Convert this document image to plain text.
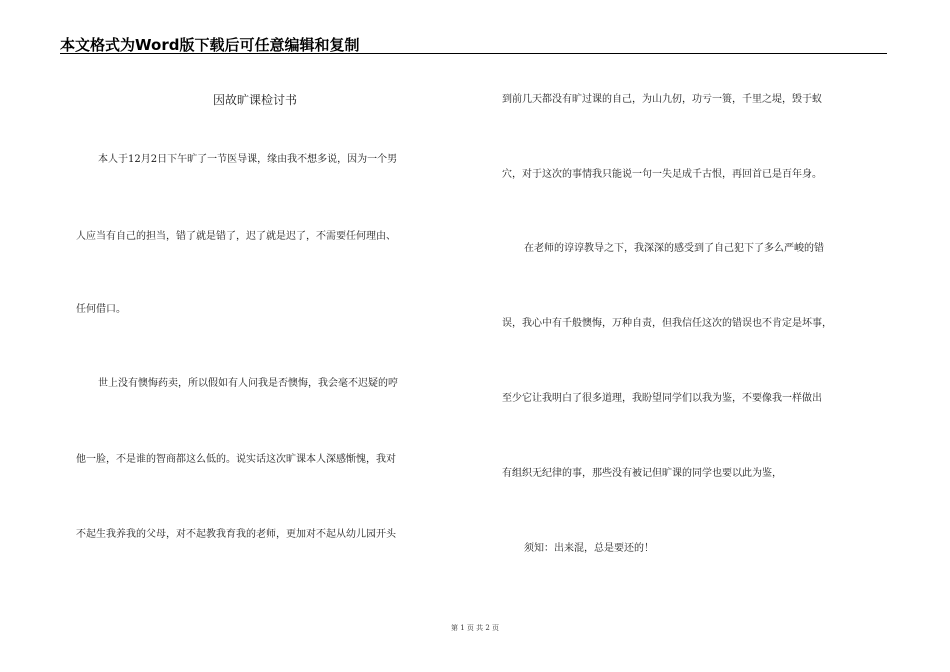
本文格式为Word版下载后可任意编辑和复制
因故旷课检讨书
本人于12月2日下午旷了一节医导课，缘由我不想多说，因为一个男
人应当有自己的担当，错了就是错了，迟了就是迟了，不需要任何理由、
任何借口。
世上没有懊悔药卖，所以假如有人问我是否懊悔，我会毫不迟疑的哼
他一脸，不是谁的智商都这么低的。说实话这次旷课本人深感惭愧，我对
不起生我养我的父母，对不起教我育我的老师，更加对不起从幼儿园开头
到前几天都没有旷过课的自己，为山九仞，功亏一篑，千里之堤，毁于蚁
穴，对于这次的事情我只能说一句一失足成千古恨，再回首已是百年身。
在老师的谆谆教导之下，我深深的感受到了自己犯下了多么严峻的错
误，我心中有千般懊悔，万种自责，但我信任这次的错误也不肯定是坏事，
至少它让我明白了很多道理，我盼望同学们以我为鉴，不要像我一样做出
有组织无纪律的事，那些没有被记但旷课的同学也要以此为鉴，
须知：出来混，总是要还的！
第 1 页 共 2 页
